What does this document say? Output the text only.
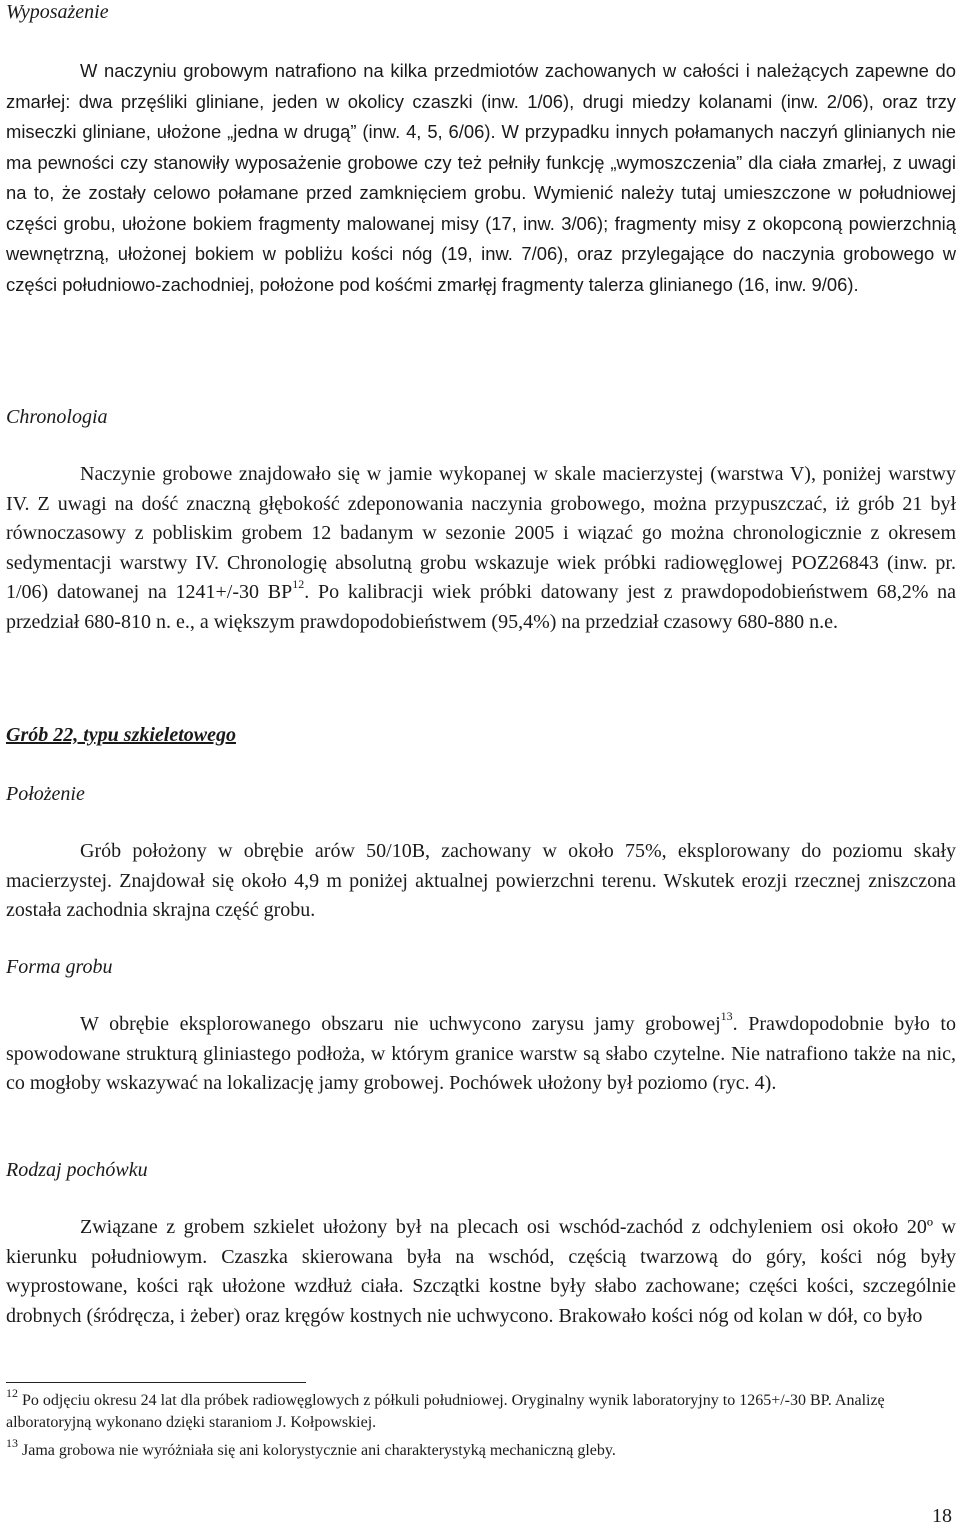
Wyposażenie

W naczyniu grobowym natrafiono na kilka przedmiotów zachowanych w całości i należących zapewne do zmarłej: dwa przęśliki gliniane, jeden w okolicy czaszki (inw. 1/06), drugi miedzy kolanami (inw. 2/06), oraz trzy miseczki gliniane, ułożone „jedna w drugą” (inw. 4, 5, 6/06). W przypadku innych połamanych naczyń glinianych nie ma pewności czy stanowiły wyposażenie grobowe czy też pełniły funkcję „wymoszczenia” dla ciała zmarłej, z uwagi na to, że zostały celowo połamane przed zamknięciem grobu. Wymienić należy tutaj umieszczone w południowej części grobu, ułożone bokiem fragmenty malowanej misy (17, inw. 3/06); fragmenty misy z okopconą powierzchnią wewnętrzną, ułożonej bokiem w pobliżu kości nóg (19, inw. 7/06), oraz przylegające do naczynia grobowego w części południowo-zachodniej, położone pod kośćmi zmarłęj fragmenty talerza glinianego (16, inw. 9/06).

Chronologia

Naczynie grobowe znajdowało się w jamie wykopanej w skale macierzystej (warstwa V), poniżej warstwy IV. Z uwagi na dość znaczną głębokość zdeponowania naczynia grobowego, można przypuszczać, iż grób 21 był równoczasowy z pobliskim grobem 12 badanym w sezonie 2005 i wiązać go można chronologicznie z okresem sedymentacji warstwy IV. Chronologię absolutną grobu wskazuje wiek próbki radiowęglowej POZ26843 (inw. pr. 1/06) datowanej na 1241+/-30 BP$^{12}$. Po kalibracji wiek próbki datowany jest z prawdopodobieństwem 68,2% na przedział 680-810 n. e., a większym prawdopodobieństwem (95,4%) na przedział czasowy 680-880 n.e.

Grób 22, typu szkieletowego

Położenie

Grób położony w obrębie arów 50/10B, zachowany w około 75%, eksplorowany do poziomu skały macierzystej. Znajdował się około 4,9 m poniżej aktualnej powierzchni terenu. Wskutek erozji rzecznej zniszczona została zachodnia skrajna część grobu.

Forma grobu

W obrębie eksplorowanego obszaru nie uchwycono zarysu jamy grobowej$^{13}$. Prawdopodobnie było to spowodowane strukturą gliniastego podłoża, w którym granice warstw są słabo czytelne. Nie natrafiono także na nic, co mogłoby wskazywać na lokalizację jamy grobowej. Pochówek ułożony był poziomo (ryc. 4).

Rodzaj pochówku

Związane z grobem szkielet ułożony był na plecach osi wschód-zachód z odchyleniem osi około 20º w kierunku południowym. Czaszka skierowana była na wschód, częścią twarzową do góry, kości nóg były wyprostowane, kości rąk ułożone wzdłuż ciała. Szczątki kostne były słabo zachowane; części kości, szczególnie drobnych (śródręcza, i żeber) oraz kręgów kostnych nie uchwycono. Brakowało kości nóg od kolan w dół, co było

$^{12}$ Po odjęciu okresu 24 lat dla próbek radiowęglowych z półkuli południowej. Oryginalny wynik laboratoryjny to 1265+/-30 BP. Analizę alboratoryjną wykonano dzięki staraniom J. Kołpowskiej.

$^{13}$ Jama grobowa nie wyróżniała się ani kolorystycznie ani charakterystyką mechaniczną gleby.

18
